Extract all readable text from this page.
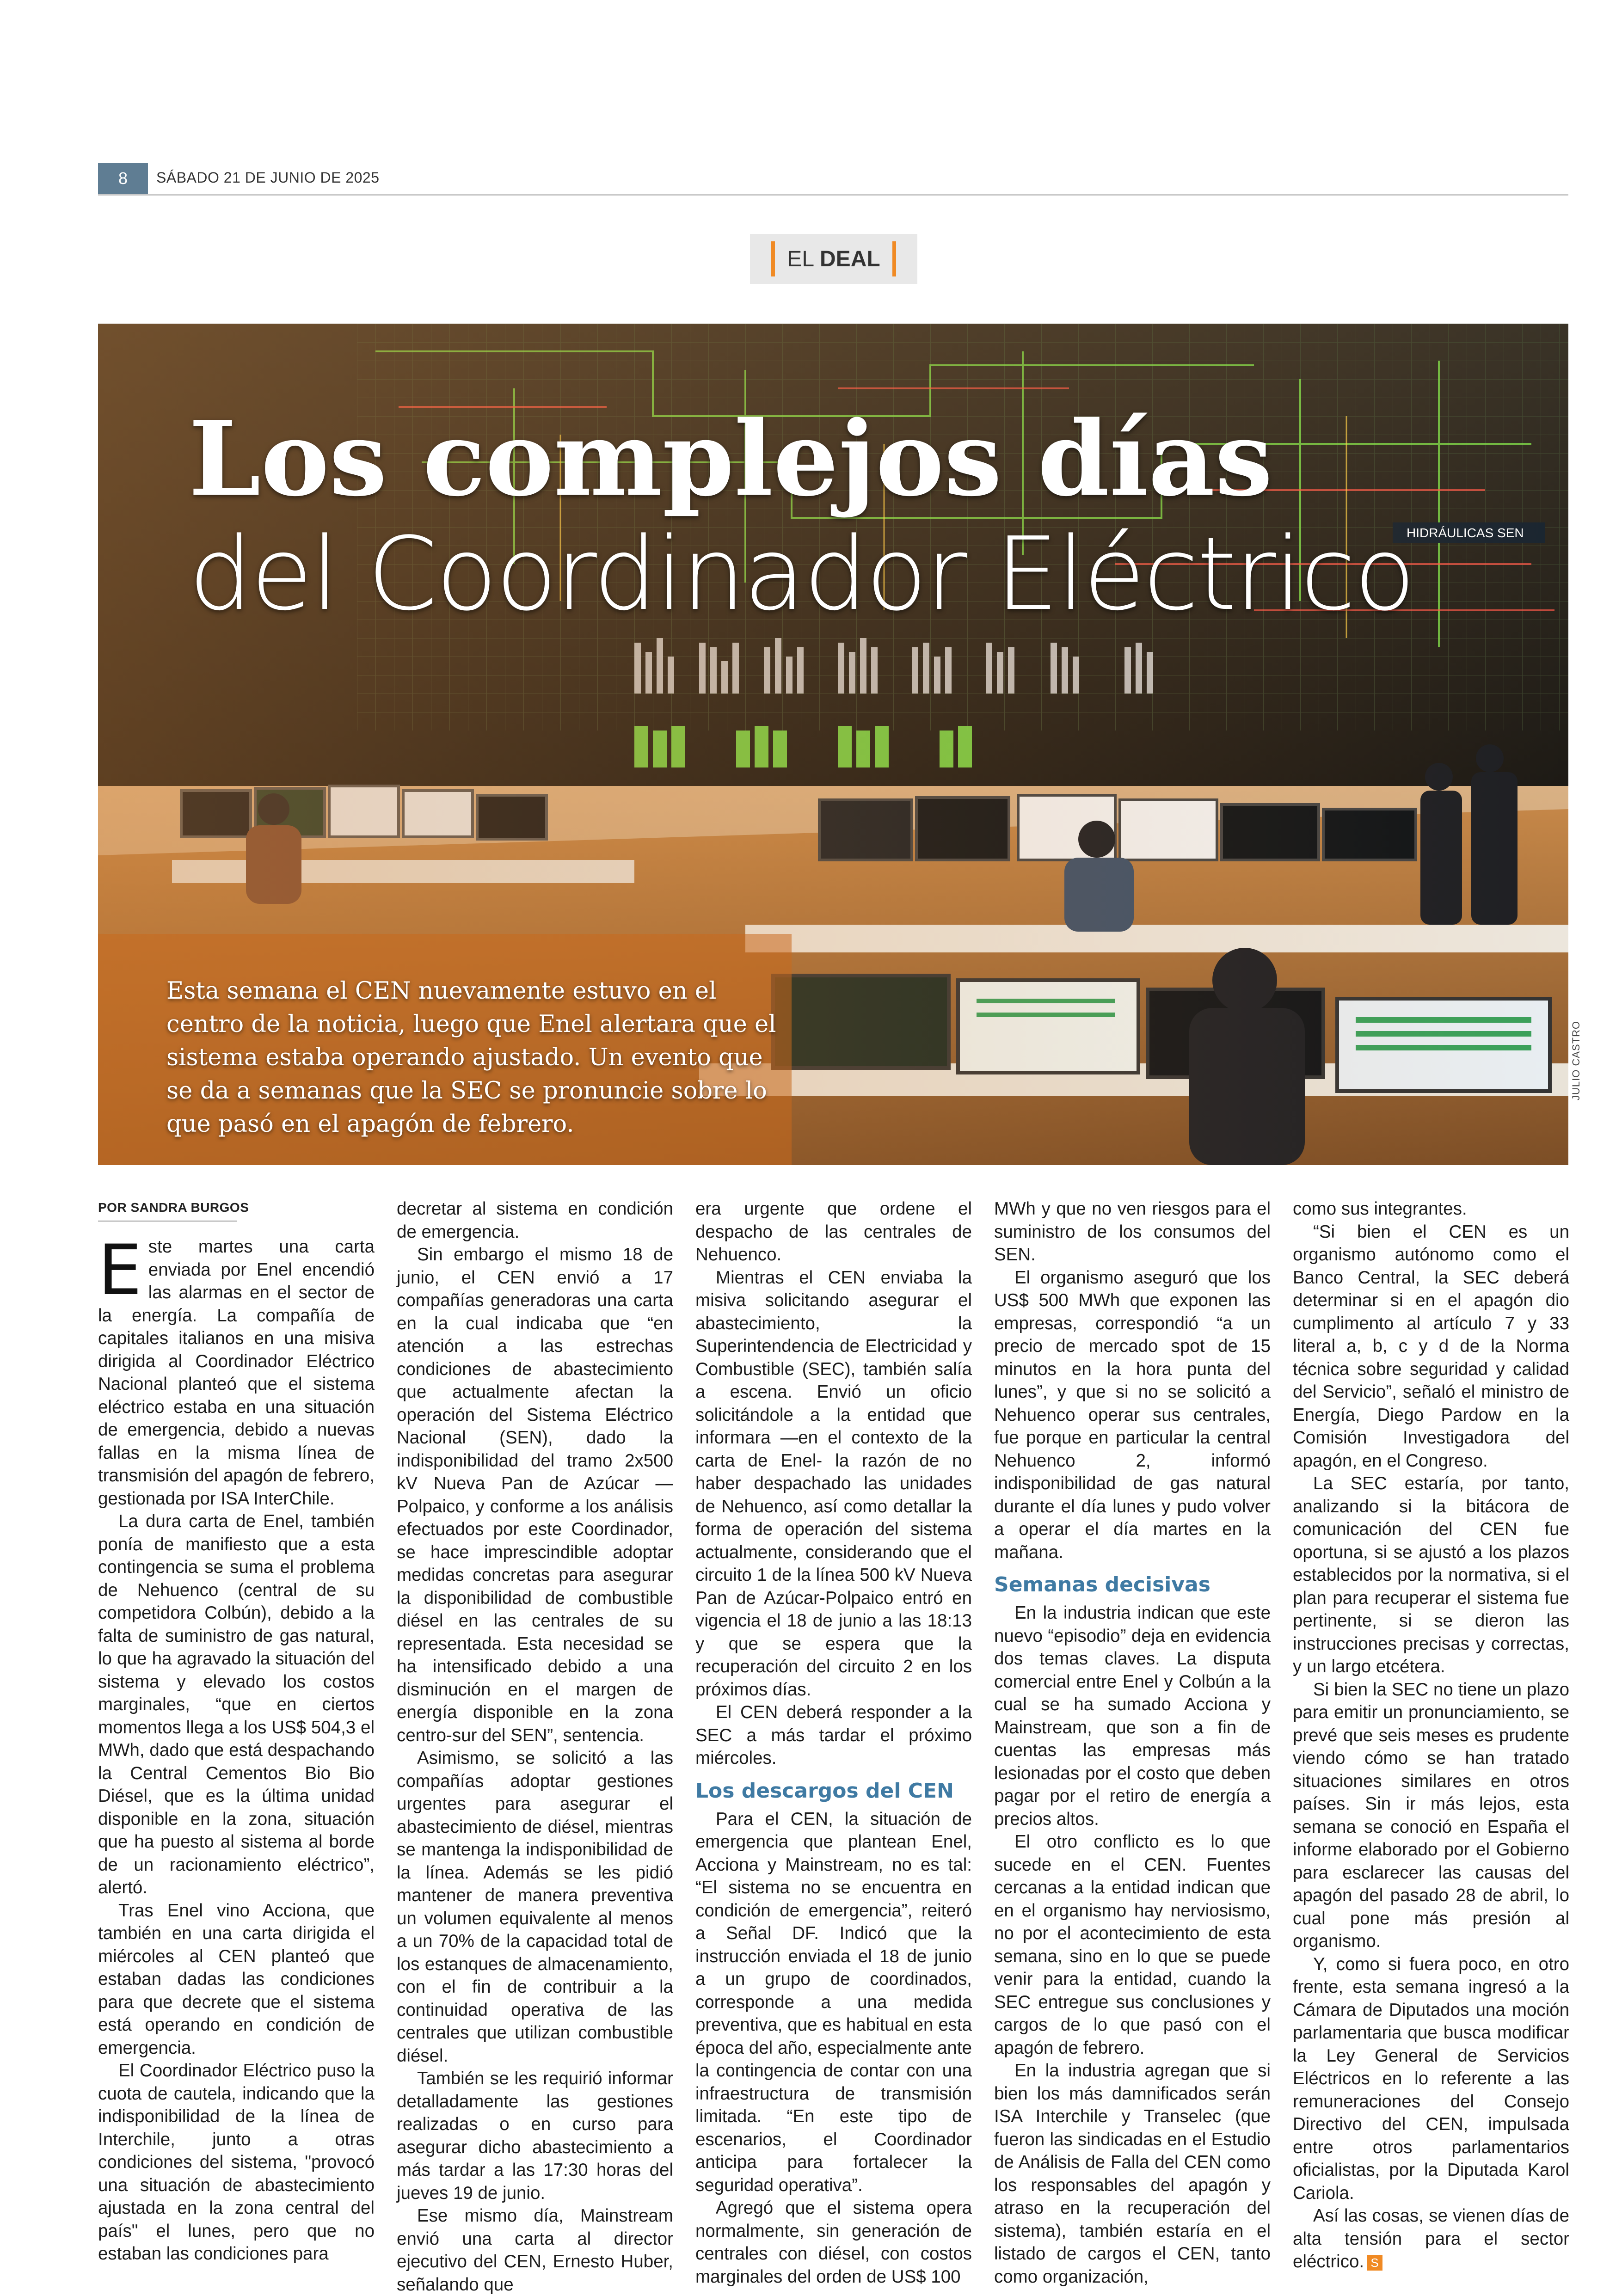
8	SÁBADO 21 DE JUNIO DE 2025
EL DEAL
HIDRÁULICAS SEN
Los complejos días
del Coordinador Eléctrico
Esta semana el CEN nuevamente estuvo en el centro de la noticia, luego que Enel alertara que el sistema estaba operando ajustado. Un evento que se da a semanas que la SEC se pronuncie sobre lo que pasó en el apagón de febrero.
JULIO CASTRO
POR SANDRA BURGOS

Este martes una carta enviada por Enel encendió las alarmas en el sector de la energía. La compañía de capitales italianos en una misiva dirigida al Coordinador Eléctrico Nacional planteó que el sistema eléctrico estaba en una situación de emergencia, debido a nuevas fallas en la misma línea de transmisión del apagón de febrero, gestionada por ISA InterChile.

La dura carta de Enel, también ponía de manifiesto que a esta contingencia se suma el problema de Nehuenco (central de su competidora Colbún), debido a la falta de suministro de gas natural, lo que ha agravado la situación del sistema y elevado los costos marginales, “que en ciertos momentos llega a los US$ 504,3 el MWh, dado que está despachando la Central Cementos Bio Bio Diésel, que es la última unidad disponible en la zona, situación que ha puesto al sistema al borde de un racionamiento eléctrico”, alertó.

Tras Enel vino Acciona, que también en una carta dirigida el miércoles al CEN planteó que estaban dadas las condiciones para que decrete que el sistema está operando en condición de emergencia.

El Coordinador Eléctrico puso la cuota de cautela, indicando que la indisponibilidad de la línea de Interchile, junto a otras condiciones del sistema, "provocó una situación de abastecimiento ajustada en la zona central del país" el lunes, pero que no estaban las condiciones para

decretar al sistema en condición de emergencia.

Sin embargo el mismo 18 de junio, el CEN envió a 17 compañías generadoras una carta en la cual indicaba que “en atención a las estrechas condiciones de abastecimiento que actualmente afectan la operación del Sistema Eléctrico Nacional (SEN), dado la indisponibilidad del tramo 2x500 kV Nueva Pan de Azúcar — Polpaico, y conforme a los análisis efectuados por este Coordinador, se hace imprescindible adoptar medidas concretas para asegurar la disponibilidad de combustible diésel en las centrales de su representada. Esta necesidad se ha intensificado debido a una disminución en el margen de energía disponible en la zona centro-sur del SEN”, sentencia.

Asimismo, se solicitó a las compañías adoptar gestiones urgentes para asegurar el abastecimiento de diésel, mientras se mantenga la indisponibilidad de la línea. Además se les pidió mantener de manera preventiva un volumen equivalente al menos a un 70% de la capacidad total de los estanques de almacenamiento, con el fin de contribuir a la continuidad operativa de las centrales que utilizan combustible diésel.

También se les requirió informar detalladamente las gestiones realizadas o en curso para asegurar dicho abastecimiento a más tardar a las 17:30 horas del jueves 19 de junio.

Ese mismo día, Mainstream envió una carta al director ejecutivo del CEN, Ernesto Huber, señalando que

era urgente que ordene el despacho de las centrales de Nehuenco.

Mientras el CEN enviaba la misiva solicitando asegurar el abastecimiento, la Superintendencia de Electricidad y Combustible (SEC), también salía a escena. Envió un oficio solicitándole a la entidad que informara —en el contexto de la carta de Enel- la razón de no haber despachado las unidades de Nehuenco, así como detallar la forma de operación del sistema actualmente, considerando que el circuito 1 de la línea 500 kV Nueva Pan de Azúcar-Polpaico entró en vigencia el 18 de junio a las 18:13 y que se espera que la recuperación del circuito 2 en los próximos días.

El CEN deberá responder a la SEC a más tardar el próximo miércoles.

Los descargos del CEN

Para el CEN, la situación de emergencia que plantean Enel, Acciona y Mainstream, no es tal: “El sistema no se encuentra en condición de emergencia”, reiteró a Señal DF. Indicó que la instrucción enviada el 18 de junio a un grupo de coordinados, corresponde a una medida preventiva, que es habitual en esta época del año, especialmente ante la contingencia de contar con una infraestructura de transmisión limitada. “En este tipo de escenarios, el Coordinador anticipa para fortalecer la seguridad operativa”.

Agregó que el sistema opera normalmente, sin generación de centrales con diésel, con costos marginales del orden de US$ 100

MWh y que no ven riesgos para el suministro de los consumos del SEN.

El organismo aseguró que los US$ 500 MWh que exponen las empresas, correspondió “a un precio de mercado spot de 15 minutos en la hora punta del lunes”, y que si no se solicitó a Nehuenco operar sus centrales, fue porque en particular la central Nehuenco 2, informó indisponibilidad de gas natural durante el día lunes y pudo volver a operar el día martes en la mañana.

Semanas decisivas

En la industria indican que este nuevo “episodio” deja en evidencia dos temas claves. La disputa comercial entre Enel y Colbún a la cual se ha sumado Acciona y Mainstream, que son a fin de cuentas las empresas más lesionadas por el costo que deben pagar por el retiro de energía a precios altos.

El otro conflicto es lo que sucede en el CEN. Fuentes cercanas a la entidad indican que en el organismo hay nerviosismo, no por el acontecimiento de esta semana, sino en lo que se puede venir para la entidad, cuando la SEC entregue sus conclusiones y cargos de lo que pasó con el apagón de febrero.

En la industria agregan que si bien los más damnificados serán ISA Interchile y Transelec (que fueron las sindicadas en el Estudio de Análisis de Falla del CEN como los responsables del apagón y atraso en la recuperación del sistema), también estaría en el listado de cargos el CEN, tanto como organización,

como sus integrantes.

“Si bien el CEN es un organismo autónomo como el Banco Central, la SEC deberá determinar si en el apagón dio cumplimento al artículo 7 y 33 literal a, b, c y d de la Norma técnica sobre seguridad y calidad del Servicio”, señaló el ministro de Energía, Diego Pardow en la Comisión Investigadora del apagón, en el Congreso.

La SEC estaría, por tanto, analizando si la bitácora de comunicación del CEN fue oportuna, si se ajustó a los plazos establecidos por la normativa, si el plan para recuperar el sistema fue pertinente, si se dieron las instrucciones precisas y correctas, y un largo etcétera.

Si bien la SEC no tiene un plazo para emitir un pronunciamiento, se prevé que seis meses es prudente viendo cómo se han tratado situaciones similares en otros países. Sin ir más lejos, esta semana se conoció en España el informe elaborado por el Gobierno para esclarecer las causas del apagón del pasado 28 de abril, lo cual pone más presión al organismo.

Y, como si fuera poco, en otro frente, esta semana ingresó a la Cámara de Diputados una moción parlamentaria que busca modificar la Ley General de Servicios Eléctricos en lo referente a las remuneraciones del Consejo Directivo del CEN, impulsada entre otros parlamentarios oficialistas, por la Diputada Karol Cariola.

Así las cosas, se vienen días de alta tensión para el sector eléctrico. S
